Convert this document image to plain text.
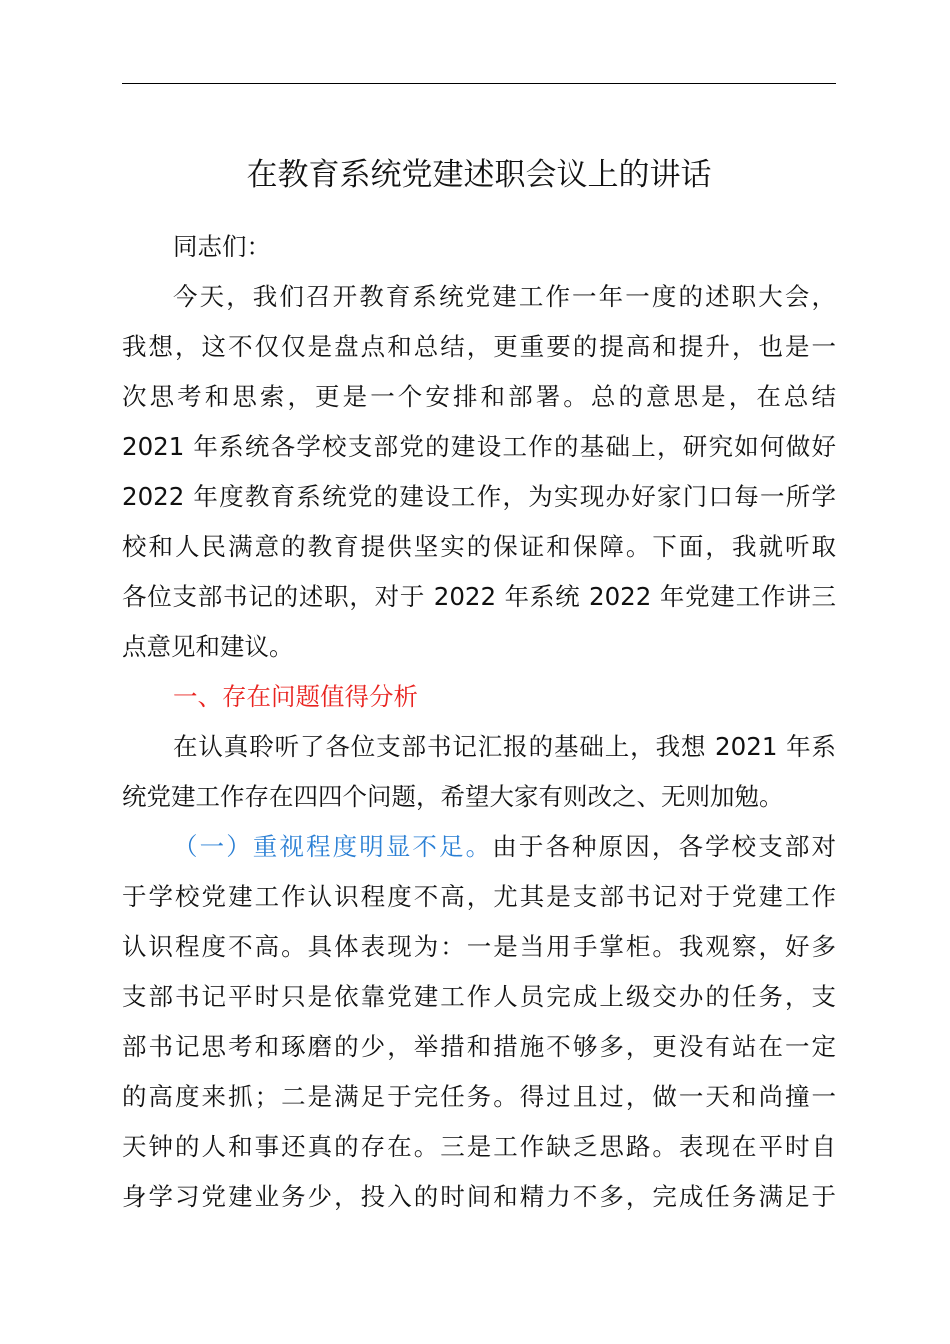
在教育系统党建述职会议上的讲话

同志们：

今天，我们召开教育系统党建工作一年一度的述职大会，

我想，这不仅仅是盘点和总结，更重要的提高和提升，也是一

次思考和思索，更是一个安排和部署。总的意思是，在总结

2021 年系统各学校支部党的建设工作的基础上，研究如何做好

2022 年度教育系统党的建设工作，为实现办好家门口每一所学

校和人民满意的教育提供坚实的保证和保障。下面，我就听取

各位支部书记的述职，对于 2022 年系统 2022 年党建工作讲三

点意见和建议。

一、存在问题值得分析

在认真聆听了各位支部书记汇报的基础上，我想 2021 年系

统党建工作存在四四个问题，希望大家有则改之、无则加勉。

（一）重视程度明显不足。由于各种原因，各学校支部对

于学校党建工作认识程度不高，尤其是支部书记对于党建工作

认识程度不高。具体表现为：一是当用手掌柜。我观察，好多

支部书记平时只是依靠党建工作人员完成上级交办的任务，支

部书记思考和琢磨的少，举措和措施不够多，更没有站在一定

的高度来抓；二是满足于完任务。得过且过，做一天和尚撞一

天钟的人和事还真的存在。三是工作缺乏思路。表现在平时自

身学习党建业务少，投入的时间和精力不多，完成任务满足于
